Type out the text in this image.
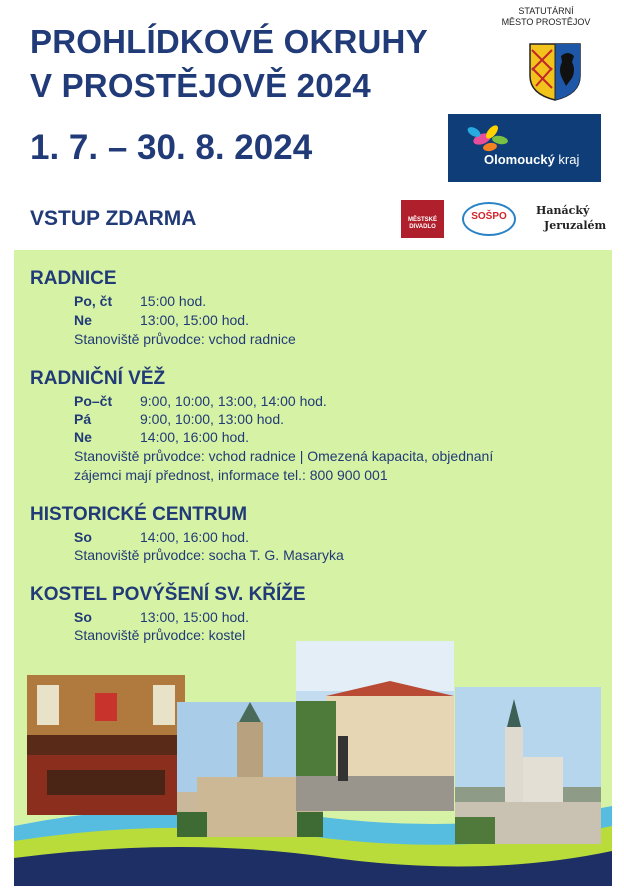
PROHLÍDKOVÉ OKRUHY
V PROSTĚJOVĚ 2024
1. 7. – 30. 8. 2024
VSTUP ZDARMA
STATUTÁRNÍ
MĚSTO PROSTĚJOV
Olomoucký kraj
MĚSTSKÉ
DIVADLO
SOŠPO	Hanácký
Jeruzalém
RADNICE
Po, čt 15:00 hod.
Ne	13:00, 15:00 hod.
Stanoviště průvodce: vchod radnice
RADNIČNÍ VĚŽ
Po–čt 9:00, 10:00, 13:00, 14:00 hod.
Pá	9:00, 10:00, 13:00 hod.
Ne	14:00, 16:00 hod.
Stanoviště průvodce: vchod radnice | Omezená kapacita, objednaní
zájemci mají přednost, informace tel.: 800 900 001
HISTORICKÉ CENTRUM
So	14:00, 16:00 hod.
Stanoviště průvodce: socha T. G. Masaryka
KOSTEL POVÝŠENÍ SV. KŘÍŽE
So	13:00, 15:00 hod.
Stanoviště průvodce: kostel
